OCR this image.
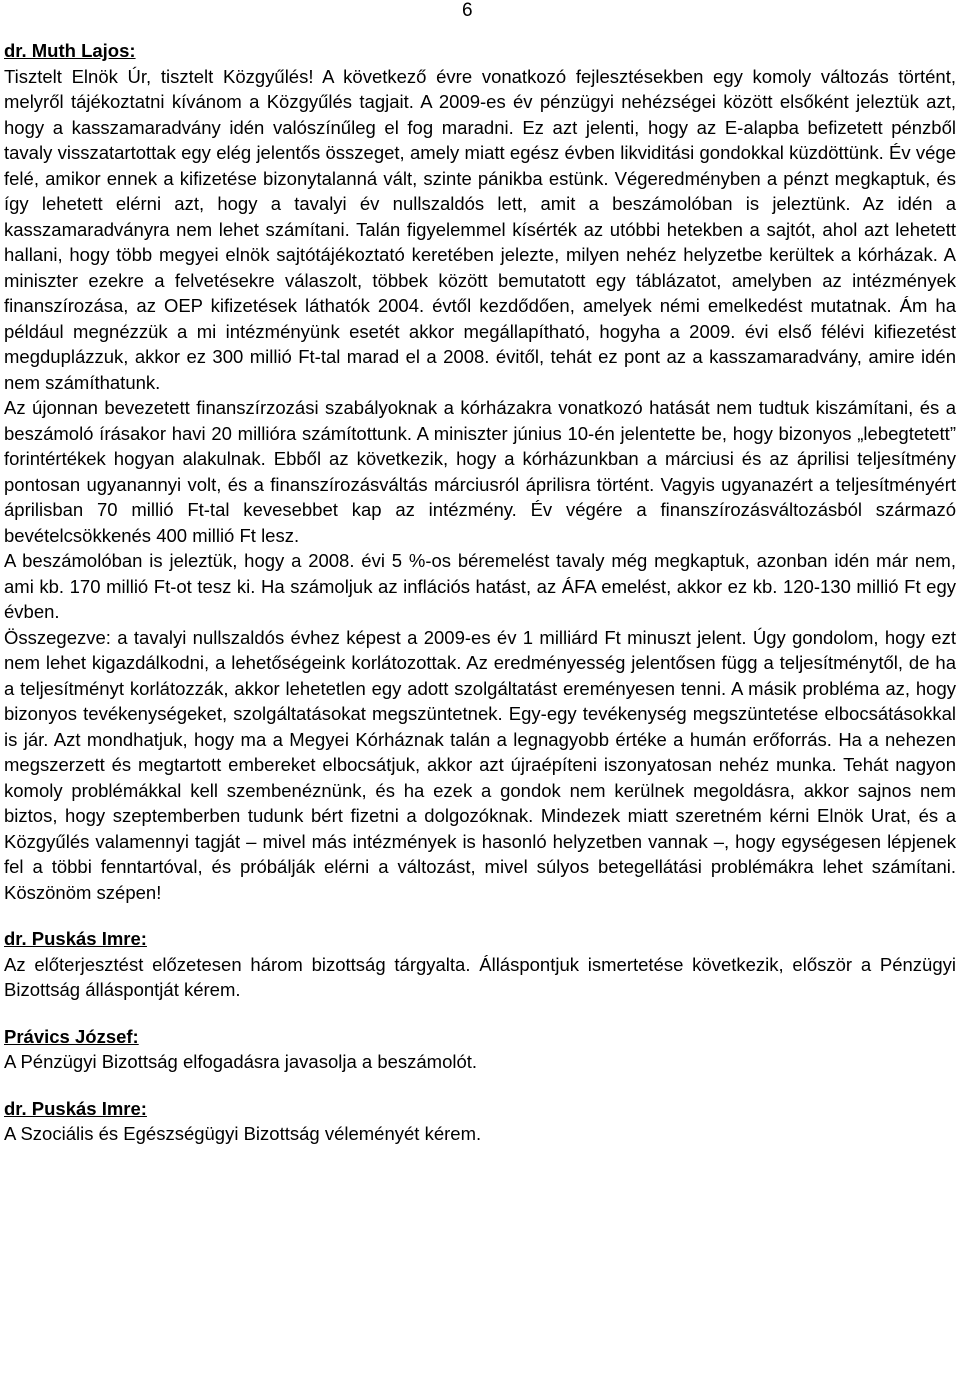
6

dr. Muth Lajos:

Tisztelt Elnök Úr, tisztelt Közgyűlés! A következő évre vonatkozó fejlesztésekben egy komoly változás történt, melyről tájékoztatni kívánom a Közgyűlés tagjait. A 2009-es év pénzügyi nehézségei között elsőként jeleztük azt, hogy a kasszamaradvány idén valószínűleg el fog maradni. Ez azt jelenti, hogy az E-alapba befizetett pénzből tavaly visszatartottak egy elég jelentős összeget, amely miatt egész évben likviditási gondokkal küzdöttünk. Év vége felé, amikor ennek a kifizetése bizonytalanná vált, szinte pánikba estünk. Végeredményben a pénzt megkaptuk, és így lehetett elérni azt, hogy a tavalyi év nullszaldós lett, amit a beszámolóban is jeleztünk. Az idén a kasszamaradványra nem lehet számítani. Talán figyelemmel kísérték az utóbbi hetekben a sajtót, ahol azt lehetett hallani, hogy több megyei elnök sajtótájékoztató keretében jelezte, milyen nehéz helyzetbe kerültek a kórházak. A miniszter ezekre a felvetésekre válaszolt, többek között bemutatott egy táblázatot, amelyben az intézmények finanszírozása, az OEP kifizetések láthatók 2004. évtől kezdődően, amelyek némi emelkedést mutatnak. Ám ha például megnézzük a mi intézményünk esetét akkor megállapítható, hogyha a 2009. évi első félévi kifiezetést megduplázzuk, akkor ez 300 millió Ft-tal marad el a 2008. évitől, tehát ez pont az a kasszamaradvány, amire idén nem számíthatunk.

Az újonnan bevezetett finanszírzozási szabályoknak a kórházakra vonatkozó hatását nem tudtuk kiszámítani, és a beszámoló írásakor havi 20 millióra számítottunk. A miniszter június 10-én jelentette be, hogy bizonyos „lebegtetett” forintértékek hogyan alakulnak. Ebből az következik, hogy a kórházunkban a márciusi és az áprilisi teljesítmény pontosan ugyanannyi volt, és a finanszírozásváltás márciusról áprilisra történt. Vagyis ugyanazért a teljesítményért áprilisban 70 millió Ft-tal kevesebbet kap az intézmény. Év végére a finanszírozásváltozásból származó bevételcsökkenés 400 millió Ft lesz.

A beszámolóban is jeleztük, hogy a 2008. évi 5 %-os béremelést tavaly még megkaptuk, azonban idén már nem, ami kb. 170 millió Ft-ot tesz ki. Ha számoljuk az inflációs hatást, az ÁFA emelést, akkor ez kb. 120-130 millió Ft egy évben.

Összegezve: a tavalyi nullszaldós évhez képest a 2009-es év 1 milliárd Ft minuszt jelent. Úgy gondolom, hogy ezt nem lehet kigazdálkodni, a lehetőségeink korlátozottak. Az eredményesség jelentősen függ a teljesítménytől, de ha a teljesítményt korlátozzák, akkor lehetetlen egy adott szolgáltatást ereményesen tenni. A másik probléma az, hogy bizonyos tevékenységeket, szolgáltatásokat megszüntetnek. Egy-egy tevékenység megszüntetése elbocsátásokkal is jár. Azt mondhatjuk, hogy ma a Megyei Kórháznak talán a legnagyobb értéke a humán erőforrás. Ha a nehezen megszerzett és megtartott embereket elbocsátjuk, akkor azt újraépíteni iszonyatosan nehéz munka. Tehát nagyon komoly problémákkal kell szembenéznünk, és ha ezek a gondok nem kerülnek megoldásra, akkor sajnos nem biztos, hogy szeptemberben tudunk bért fizetni a dolgozóknak. Mindezek miatt szeretném kérni Elnök Urat, és a Közgyűlés valamennyi tagját – mivel más intézmények is hasonló helyzetben vannak –, hogy egységesen lépjenek fel a többi fenntartóval, és próbálják elérni a változást, mivel súlyos betegellátási problémákra lehet számítani. Köszönöm szépen!

dr. Puskás Imre:

Az előterjesztést előzetesen három bizottság tárgyalta. Álláspontjuk ismertetése következik, először a Pénzügyi Bizottság álláspontját kérem.

Právics József:

A Pénzügyi Bizottság elfogadásra javasolja a beszámolót.

dr. Puskás Imre:

A Szociális és Egészségügyi Bizottság véleményét kérem.
